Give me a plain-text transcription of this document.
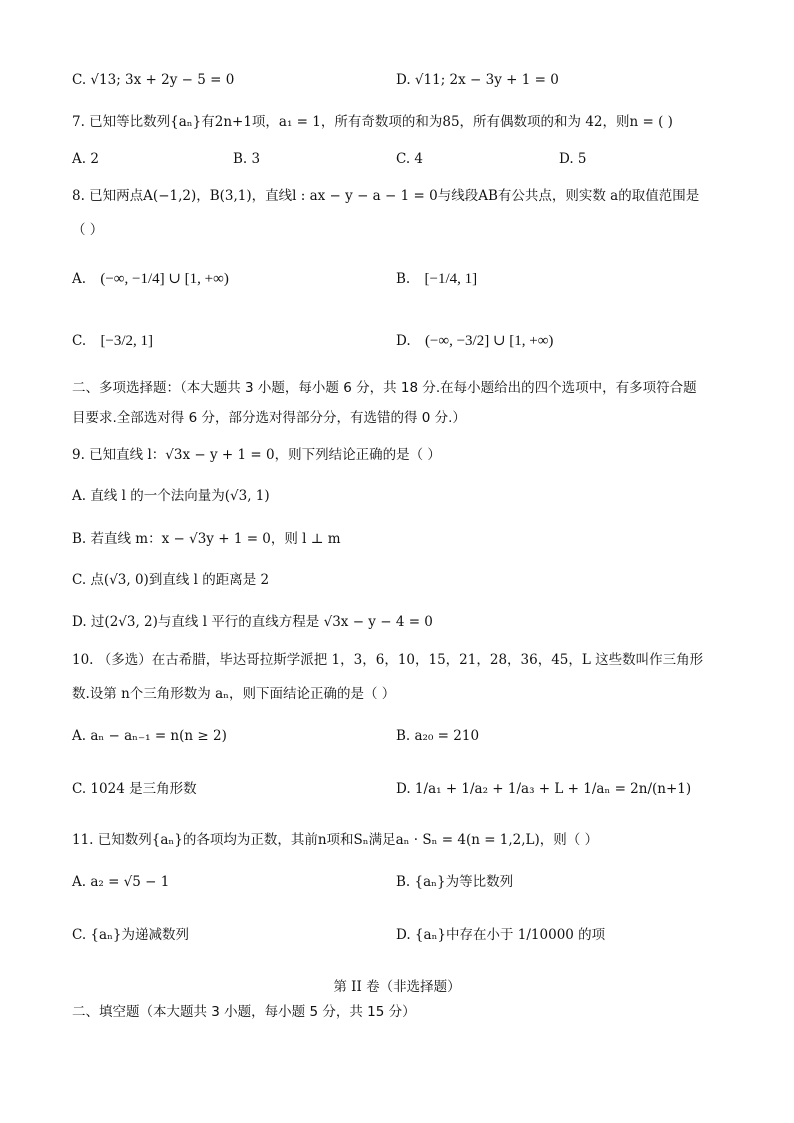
C. √13; 3x + 2y − 5 = 0	D. √11; 2x − 3y + 1 = 0
7. 已知等比数列{aₙ}有2n+1项，a₁ = 1，所有奇数项的和为85，所有偶数项的和为 42，则n = ( )
A. 2	B. 3	C. 4	D. 5
8. 已知两点A(−1,2)，B(3,1)，直线l : ax − y − a − 1 = 0与线段AB有公共点，则实数 a的取值范围是
（ ）
A. (−∞, −1/4] ∪ [1, +∞)	B. [−1/4, 1]
C. [−3/2, 1]	D. (−∞, −3/2] ∪ [1, +∞)
二、多项选择题：（本大题共 3 小题，每小题 6 分，共 18 分.在每小题给出的四个选项中，有多项符合题
目要求.全部选对得 6 分，部分选对得部分分，有选错的得 0 分.）
9. 已知直线 l：√3x − y + 1 = 0，则下列结论正确的是（ ）
A. 直线 l 的一个法向量为(√3, 1)
B. 若直线 m：x − √3y + 1 = 0，则 l ⊥ m
C. 点(√3, 0)到直线 l 的距离是 2
D. 过(2√3, 2)与直线 l 平行的直线方程是 √3x − y − 4 = 0
10. （多选）在古希腊，毕达哥拉斯学派把 1，3，6，10，15，21，28，36，45，L 这些数叫作三角形
数.设第 n个三角形数为 aₙ，则下面结论正确的是（ ）
A. aₙ − aₙ₋₁ = n(n ≥ 2)	B. a₂₀ = 210
C. 1024 是三角形数	D. 1/a₁ + 1/a₂ + 1/a₃ + L + 1/aₙ = 2n/(n+1)
11. 已知数列{aₙ}的各项均为正数，其前n项和Sₙ满足aₙ · Sₙ = 4(n = 1,2,L)，则（ ）
A. a₂ = √5 − 1	B. {aₙ}为等比数列
C. {aₙ}为递减数列	D. {aₙ}中存在小于 1/10000 的项
第 II 卷（非选择题）
二、填空题（本大题共 3 小题，每小题 5 分，共 15 分）
